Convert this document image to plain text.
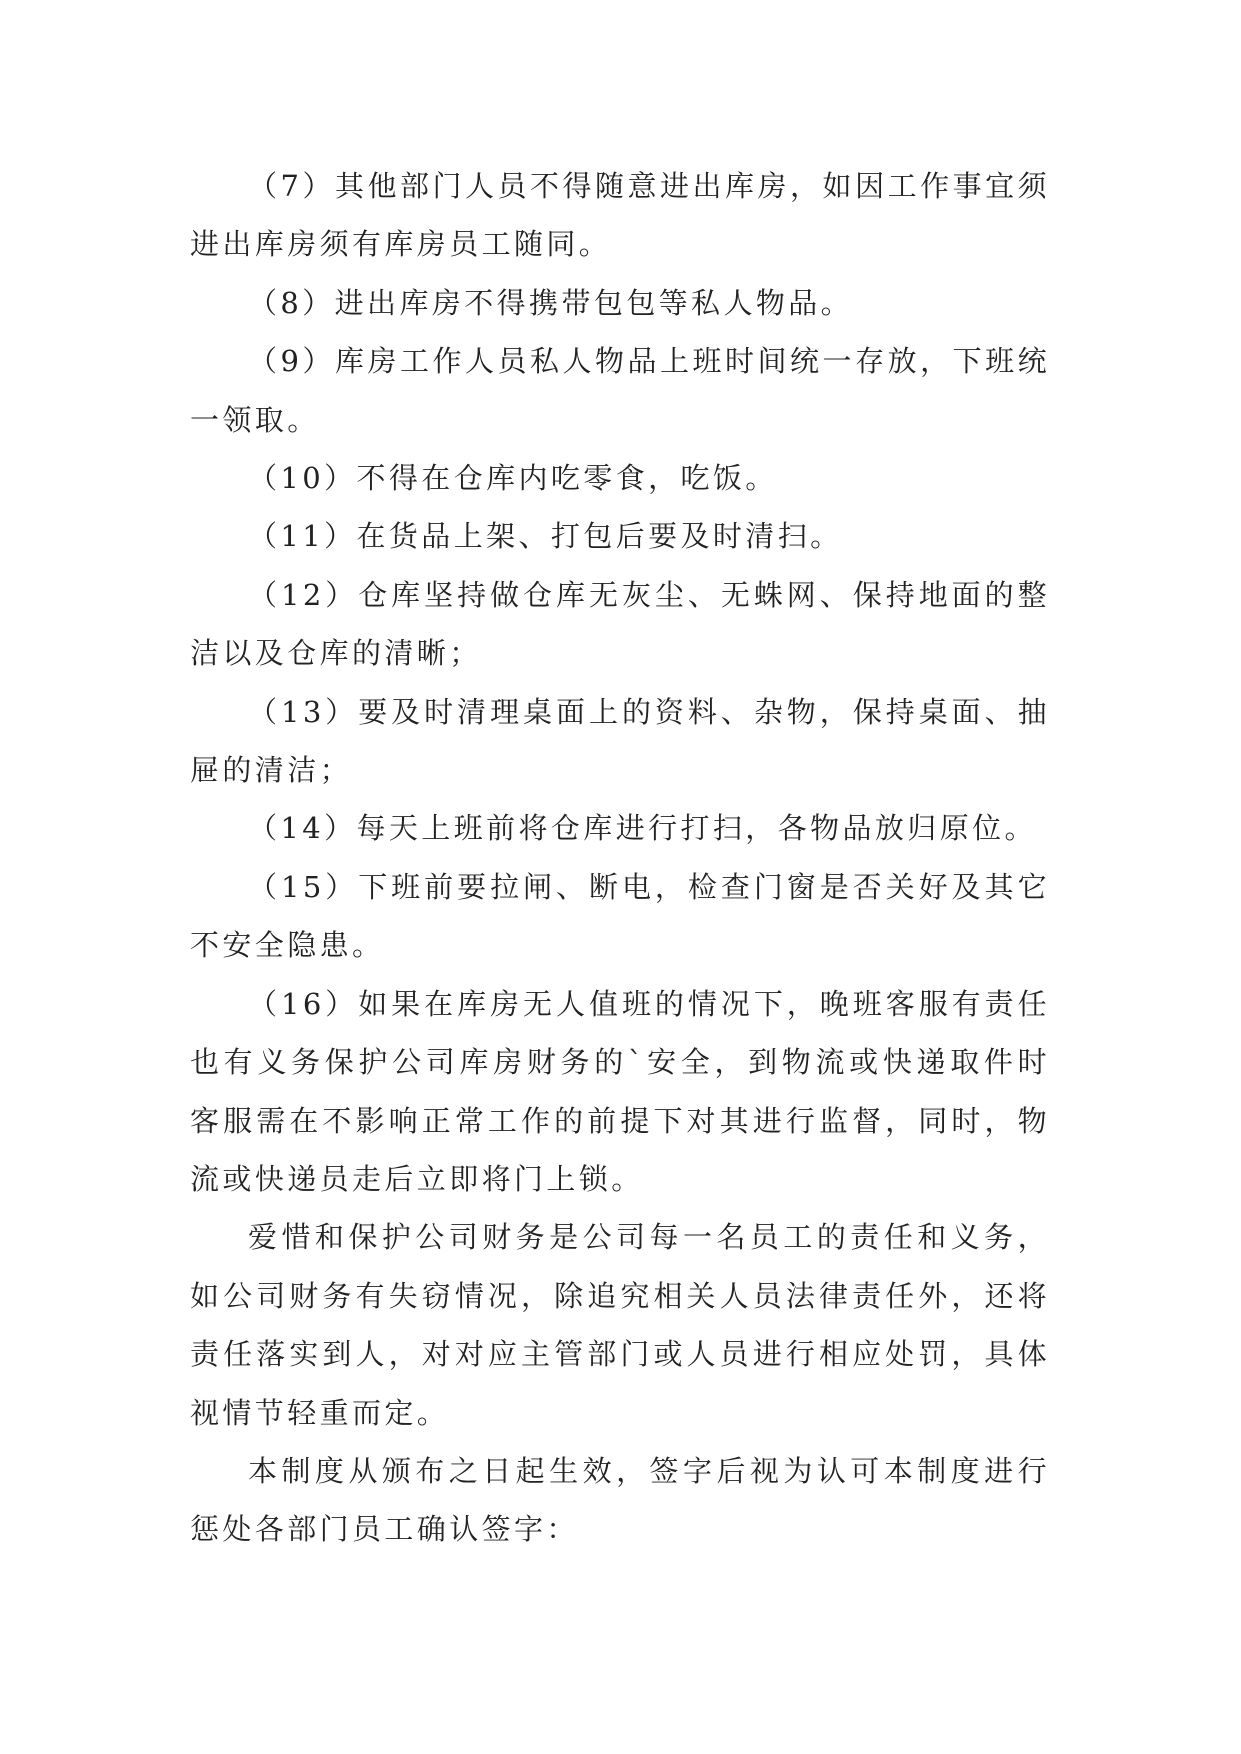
（7）其他部门人员不得随意进出库房，如因工作事宜须进出库房须有库房员工随同。

（8）进出库房不得携带包包等私人物品。

（9）库房工作人员私人物品上班时间统一存放，下班统一领取。

（10）不得在仓库内吃零食，吃饭。

（11）在货品上架、打包后要及时清扫。

（12）仓库坚持做仓库无灰尘、无蛛网、保持地面的整洁以及仓库的清晰；

（13）要及时清理桌面上的资料、杂物，保持桌面、抽屉的清洁；

（14）每天上班前将仓库进行打扫，各物品放归原位。

（15）下班前要拉闸、断电，检查门窗是否关好及其它不安全隐患。

（16）如果在库房无人值班的情况下，晚班客服有责任也有义务保护公司库房财务的`安全，到物流或快递取件时客服需在不影响正常工作的前提下对其进行监督，同时，物流或快递员走后立即将门上锁。

爱惜和保护公司财务是公司每一名员工的责任和义务，如公司财务有失窃情况，除追究相关人员法律责任外，还将责任落实到人，对对应主管部门或人员进行相应处罚，具体视情节轻重而定。

本制度从颁布之日起生效，签字后视为认可本制度进行惩处各部门员工确认签字：
